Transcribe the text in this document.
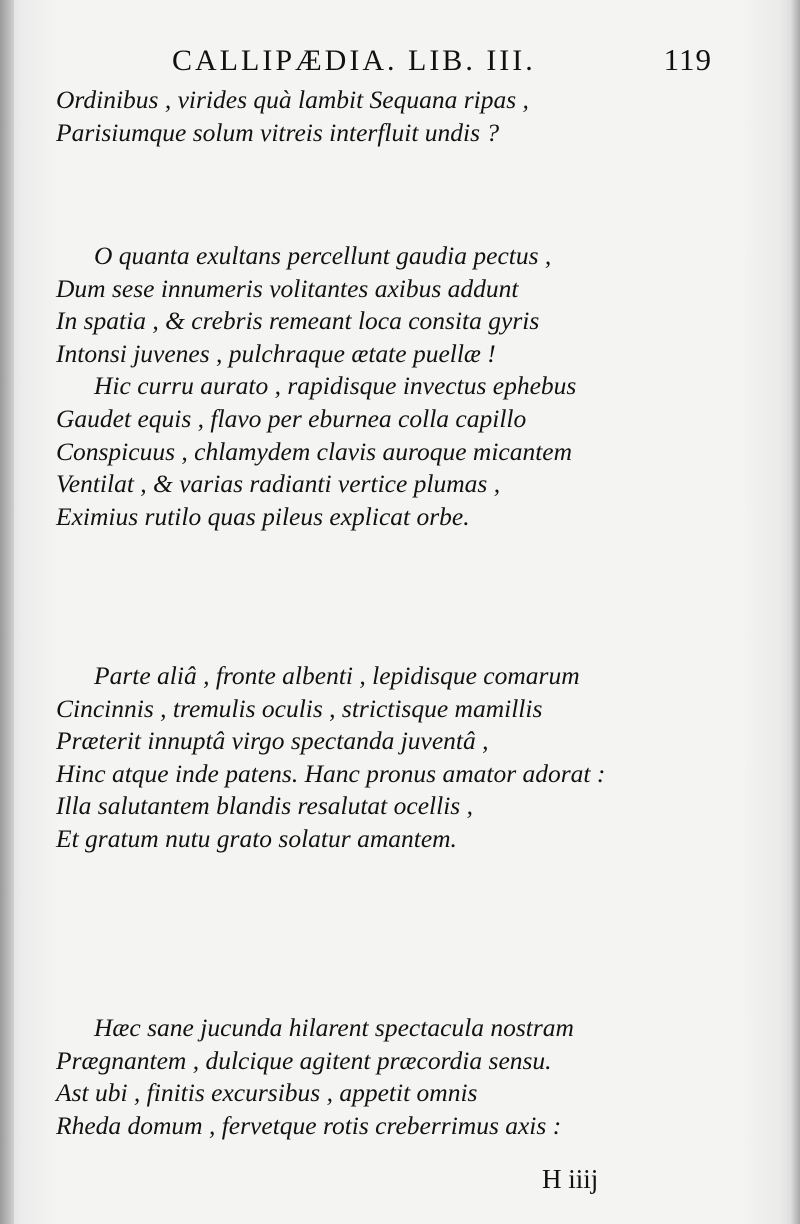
CALLIPÆDIA. LIB. III.	119
Ordinibus , virides quà lambit Sequana ripas ,
Parisiumque solum vitreis interfluit undis ?
O quanta exultans percellunt gaudia pectus ,
Dum sese innumeris volitantes axibus addunt
In spatia , & crebris remeant loca consita gyris
Intonsi juvenes , pulchraque ætate puellæ !
Hic curru aurato , rapidisque invectus ephebus
Gaudet equis , flavo per eburnea colla capillo
Conspicuus , chlamydem clavis auroque micantem
Ventilat , & varias radianti vertice plumas ,
Eximius rutilo quas pileus explicat orbe.
Parte aliâ , fronte albenti , lepidisque comarum
Cincinnis , tremulis oculis , strictisque mamillis
Præterit innuptâ virgo spectanda juventâ ,
Hinc atque inde patens. Hanc pronus amator adorat :
Illa salutantem blandis resalutat ocellis ,
Et gratum nutu grato solatur amantem.
Hæc sane jucunda hilarent spectacula nostram
Prægnantem , dulcique agitent præcordia sensu.
Ast ubi , finitis excursibus , appetit omnis
Rheda domum , fervetque rotis creberrimus axis :
H iiij
